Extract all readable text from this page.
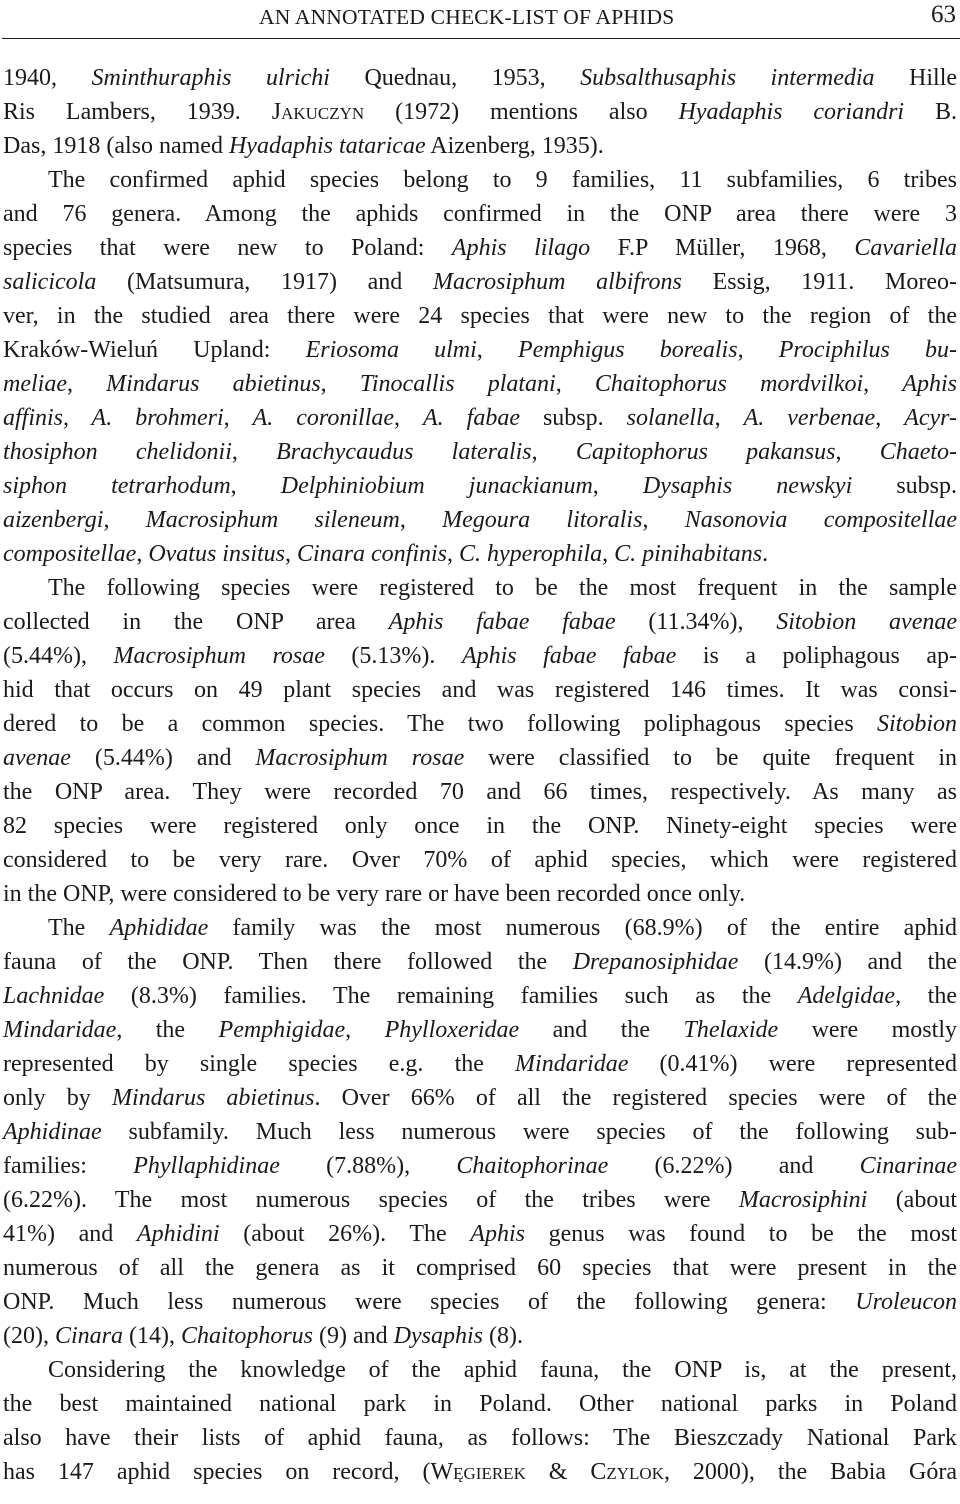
AN ANNOTATED CHECK-LIST OF APHIDS	63
1940, Sminthuraphis ulrichi Quednau, 1953, Subsalthusaphis intermedia Hille
Ris Lambers, 1939. Jakuczyn (1972) mentions also Hyadaphis coriandri B.
Das, 1918 (also named Hyadaphis tataricae Aizenberg, 1935).
The confirmed aphid species belong to 9 families, 11 subfamilies, 6 tribes
and 76 genera. Among the aphids confirmed in the ONP area there were 3
species that were new to Poland: Aphis lilago F.P Müller, 1968, Cavariella
salicicola (Matsumura, 1917) and Macrosiphum albifrons Essig, 1911. Moreo-
ver, in the studied area there were 24 species that were new to the region of the
Kraków-Wieluń Upland: Eriosoma ulmi, Pemphigus borealis, Prociphilus bu-
meliae, Mindarus abietinus, Tinocallis platani, Chaitophorus mordvilkoi, Aphis
affinis, A. brohmeri, A. coronillae, A. fabae subsp. solanella, A. verbenae, Acyr-
thosiphon chelidonii, Brachycaudus lateralis, Capitophorus pakansus, Chaeto-
siphon tetrarhodum, Delphiniobium junackianum, Dysaphis newskyi subsp.
aizenbergi, Macrosiphum sileneum, Megoura litoralis, Nasonovia compositellae
compositellae, Ovatus insitus, Cinara confinis, C. hyperophila, C. pinihabitans.
The following species were registered to be the most frequent in the sample
collected in the ONP area Aphis fabae fabae (11.34%), Sitobion avenae
(5.44%), Macrosiphum rosae (5.13%). Aphis fabae fabae is a poliphagous ap-
hid that occurs on 49 plant species and was registered 146 times. It was consi-
dered to be a common species. The two following poliphagous species Sitobion
avenae (5.44%) and Macrosiphum rosae were classified to be quite frequent in
the ONP area. They were recorded 70 and 66 times, respectively. As many as
82 species were registered only once in the ONP. Ninety-eight species were
considered to be very rare. Over 70% of aphid species, which were registered
in the ONP, were considered to be very rare or have been recorded once only.
The Aphididae family was the most numerous (68.9%) of the entire aphid
fauna of the ONP. Then there followed the Drepanosiphidae (14.9%) and the
Lachnidae (8.3%) families. The remaining families such as the Adelgidae, the
Mindaridae, the Pemphigidae, Phylloxeridae and the Thelaxide were mostly
represented by single species e.g. the Mindaridae (0.41%) were represented
only by Mindarus abietinus. Over 66% of all the registered species were of the
Aphidinae subfamily. Much less numerous were species of the following sub-
families: Phyllaphidinae (7.88%), Chaitophorinae (6.22%) and Cinarinae
(6.22%). The most numerous species of the tribes were Macrosiphini (about
41%) and Aphidini (about 26%). The Aphis genus was found to be the most
numerous of all the genera as it comprised 60 species that were present in the
ONP. Much less numerous were species of the following genera: Uroleucon
(20), Cinara (14), Chaitophorus (9) and Dysaphis (8).
Considering the knowledge of the aphid fauna, the ONP is, at the present,
the best maintained national park in Poland. Other national parks in Poland
also have their lists of aphid fauna, as follows: The Bieszczady National Park
has 147 aphid species on record, (Węgierek & Czylok, 2000), the Babia Góra
